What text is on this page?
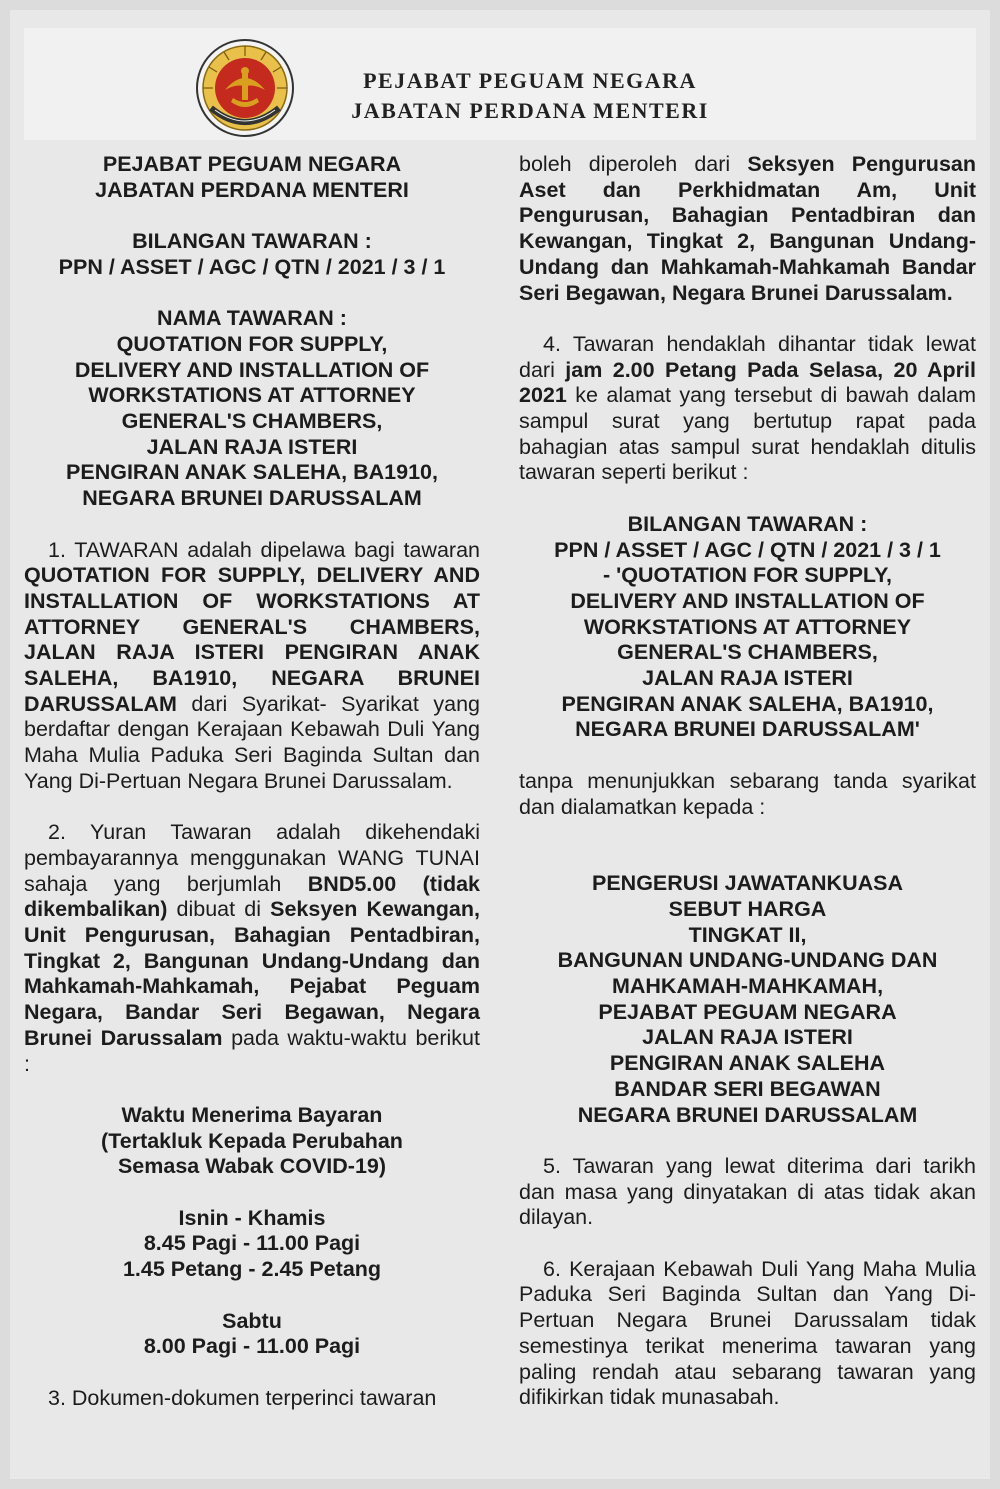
PEJABAT PEGUAM NEGARA
JABATAN PERDANA MENTERI
PEJABAT PEGUAM NEGARA
JABATAN PERDANA MENTERI
BILANGAN TAWARAN :
PPN / ASSET / AGC / QTN / 2021 / 3 / 1
NAMA TAWARAN :
QUOTATION FOR SUPPLY,
DELIVERY AND INSTALLATION OF
WORKSTATIONS AT ATTORNEY
GENERAL'S CHAMBERS,
JALAN RAJA ISTERI
PENGIRAN ANAK SALEHA, BA1910,
NEGARA BRUNEI DARUSSALAM
1. TAWARAN adalah dipelawa bagi tawaran QUOTATION FOR SUPPLY, DELIVERY AND INSTALLATION OF WORKSTATIONS AT ATTORNEY GENERAL'S CHAMBERS, JALAN RAJA ISTERI PENGIRAN ANAK SALEHA, BA1910, NEGARA BRUNEI DARUSSALAM dari Syarikat- Syarikat yang berdaftar dengan Kerajaan Kebawah Duli Yang Maha Mulia Paduka Seri Baginda Sultan dan Yang Di-Pertuan Negara Brunei Darussalam.
2. Yuran Tawaran adalah dikehendaki pembayarannya menggunakan WANG TUNAI sahaja yang berjumlah BND5.00 (tidak dikembalikan) dibuat di Seksyen Kewangan, Unit Pengurusan, Bahagian Pentadbiran, Tingkat 2, Bangunan Undang-Undang dan Mahkamah-Mahkamah, Pejabat Peguam Negara, Bandar Seri Begawan, Negara Brunei Darussalam pada waktu-waktu berikut :
Waktu Menerima Bayaran
(Tertakluk Kepada Perubahan
Semasa Wabak COVID-19)
Isnin - Khamis
8.45 Pagi - 11.00 Pagi
1.45 Petang - 2.45 Petang
Sabtu
8.00 Pagi - 11.00 Pagi
3. Dokumen-dokumen terperinci tawaran
boleh diperoleh dari Seksyen Pengurusan Aset dan Perkhidmatan Am, Unit Pengurusan, Bahagian Pentadbiran dan Kewangan, Tingkat 2, Bangunan Undang-Undang dan Mahkamah-Mahkamah Bandar Seri Begawan, Negara Brunei Darussalam.
4. Tawaran hendaklah dihantar tidak lewat dari jam 2.00 Petang Pada Selasa, 20 April 2021 ke alamat yang tersebut di bawah dalam sampul surat yang bertutup rapat pada bahagian atas sampul surat hendaklah ditulis tawaran seperti berikut :
BILANGAN TAWARAN :
PPN / ASSET / AGC / QTN / 2021 / 3 / 1
- 'QUOTATION FOR SUPPLY,
DELIVERY AND INSTALLATION OF
WORKSTATIONS AT ATTORNEY
GENERAL'S CHAMBERS,
JALAN RAJA ISTERI
PENGIRAN ANAK SALEHA, BA1910,
NEGARA BRUNEI DARUSSALAM'
tanpa menunjukkan sebarang tanda syarikat dan dialamatkan kepada :
PENGERUSI JAWATANKUASA
SEBUT HARGA
TINGKAT II,
BANGUNAN UNDANG-UNDANG DAN
MAHKAMAH-MAHKAMAH,
PEJABAT PEGUAM NEGARA
JALAN RAJA ISTERI
PENGIRAN ANAK SALEHA
BANDAR SERI BEGAWAN
NEGARA BRUNEI DARUSSALAM
5. Tawaran yang lewat diterima dari tarikh dan masa yang dinyatakan di atas tidak akan dilayan.
6. Kerajaan Kebawah Duli Yang Maha Mulia Paduka Seri Baginda Sultan dan Yang Di-Pertuan Negara Brunei Darussalam tidak semestinya terikat menerima tawaran yang paling rendah atau sebarang tawaran yang difikirkan tidak munasabah.
